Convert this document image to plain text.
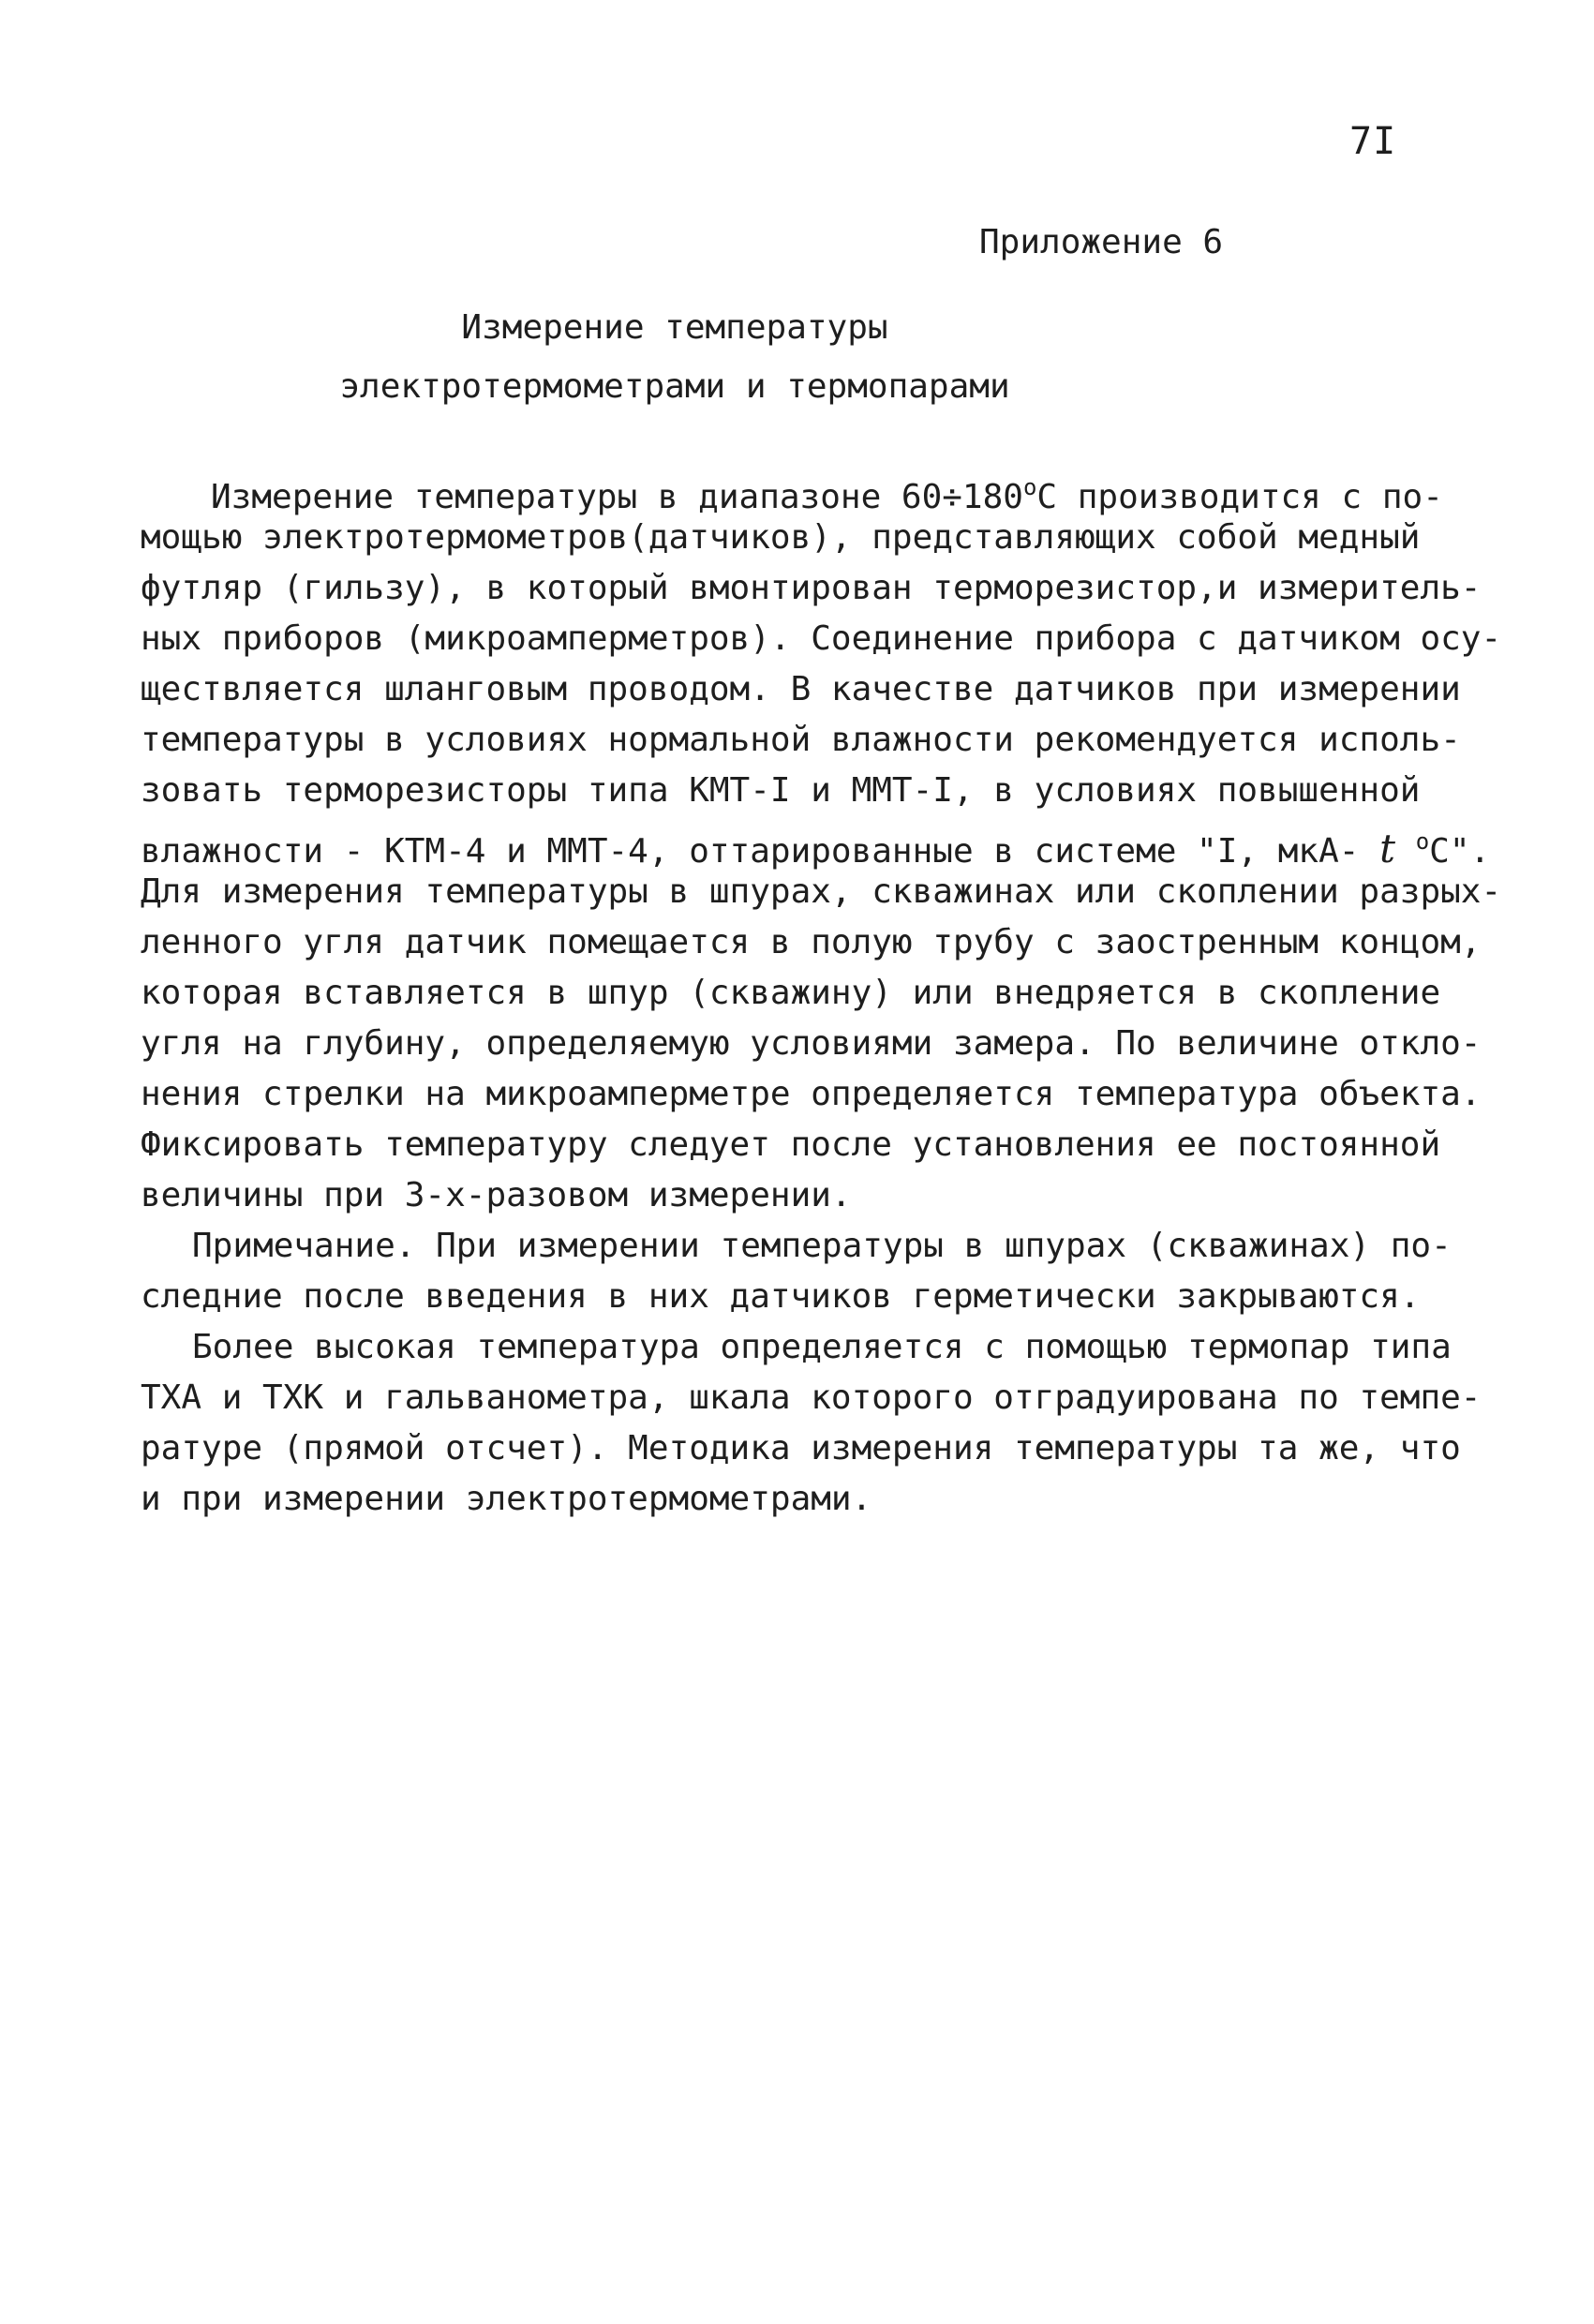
7I
Приложение 6
Измерение температуры
электротермометрами и термопарами
Измерение температуры в диапазоне $60\div 180^oС$ производится с по-
мощью электротермометров(датчиков), представляющих собой медный
футляр (гильзу), в который вмонтирован терморезистор,и измеритель-
ных приборов (микроамперметров). Соединение прибора с датчиком осу-
ществляется шланговым проводом. В качестве датчиков при измерении
температуры в условиях нормальной влажности рекомендуется исполь-
зовать терморезисторы типа КМТ-I и ММТ-I, в условиях повышенной
влажности - КТМ-4 и ММТ-4, оттарированные в системе "I, мкА- t $^o$С".
Для измерения температуры в шпурах, скважинах или скоплении разрых-
ленного угля датчик помещается в полую трубу с заостренным концом,
которая вставляется в шпур (скважину) или внедряется в скопление
угля на глубину, определяемую условиями замера. По величине откло-
нения стрелки на микроамперметре определяется температура объекта.
Фиксировать температуру следует после установления ее постоянной
величины при 3-х-разовом измерении.
Примечание. При измерении температуры в шпурах (скважинах) по-
следние после введения в них датчиков герметически закрываются.
Более высокая температура определяется с помощью термопар типа
ТХА и ТХК и гальванометра, шкала которого отградуирована по темпе-
ратуре (прямой отсчет). Методика измерения температуры та же, что
и при измерении электротермометрами.
